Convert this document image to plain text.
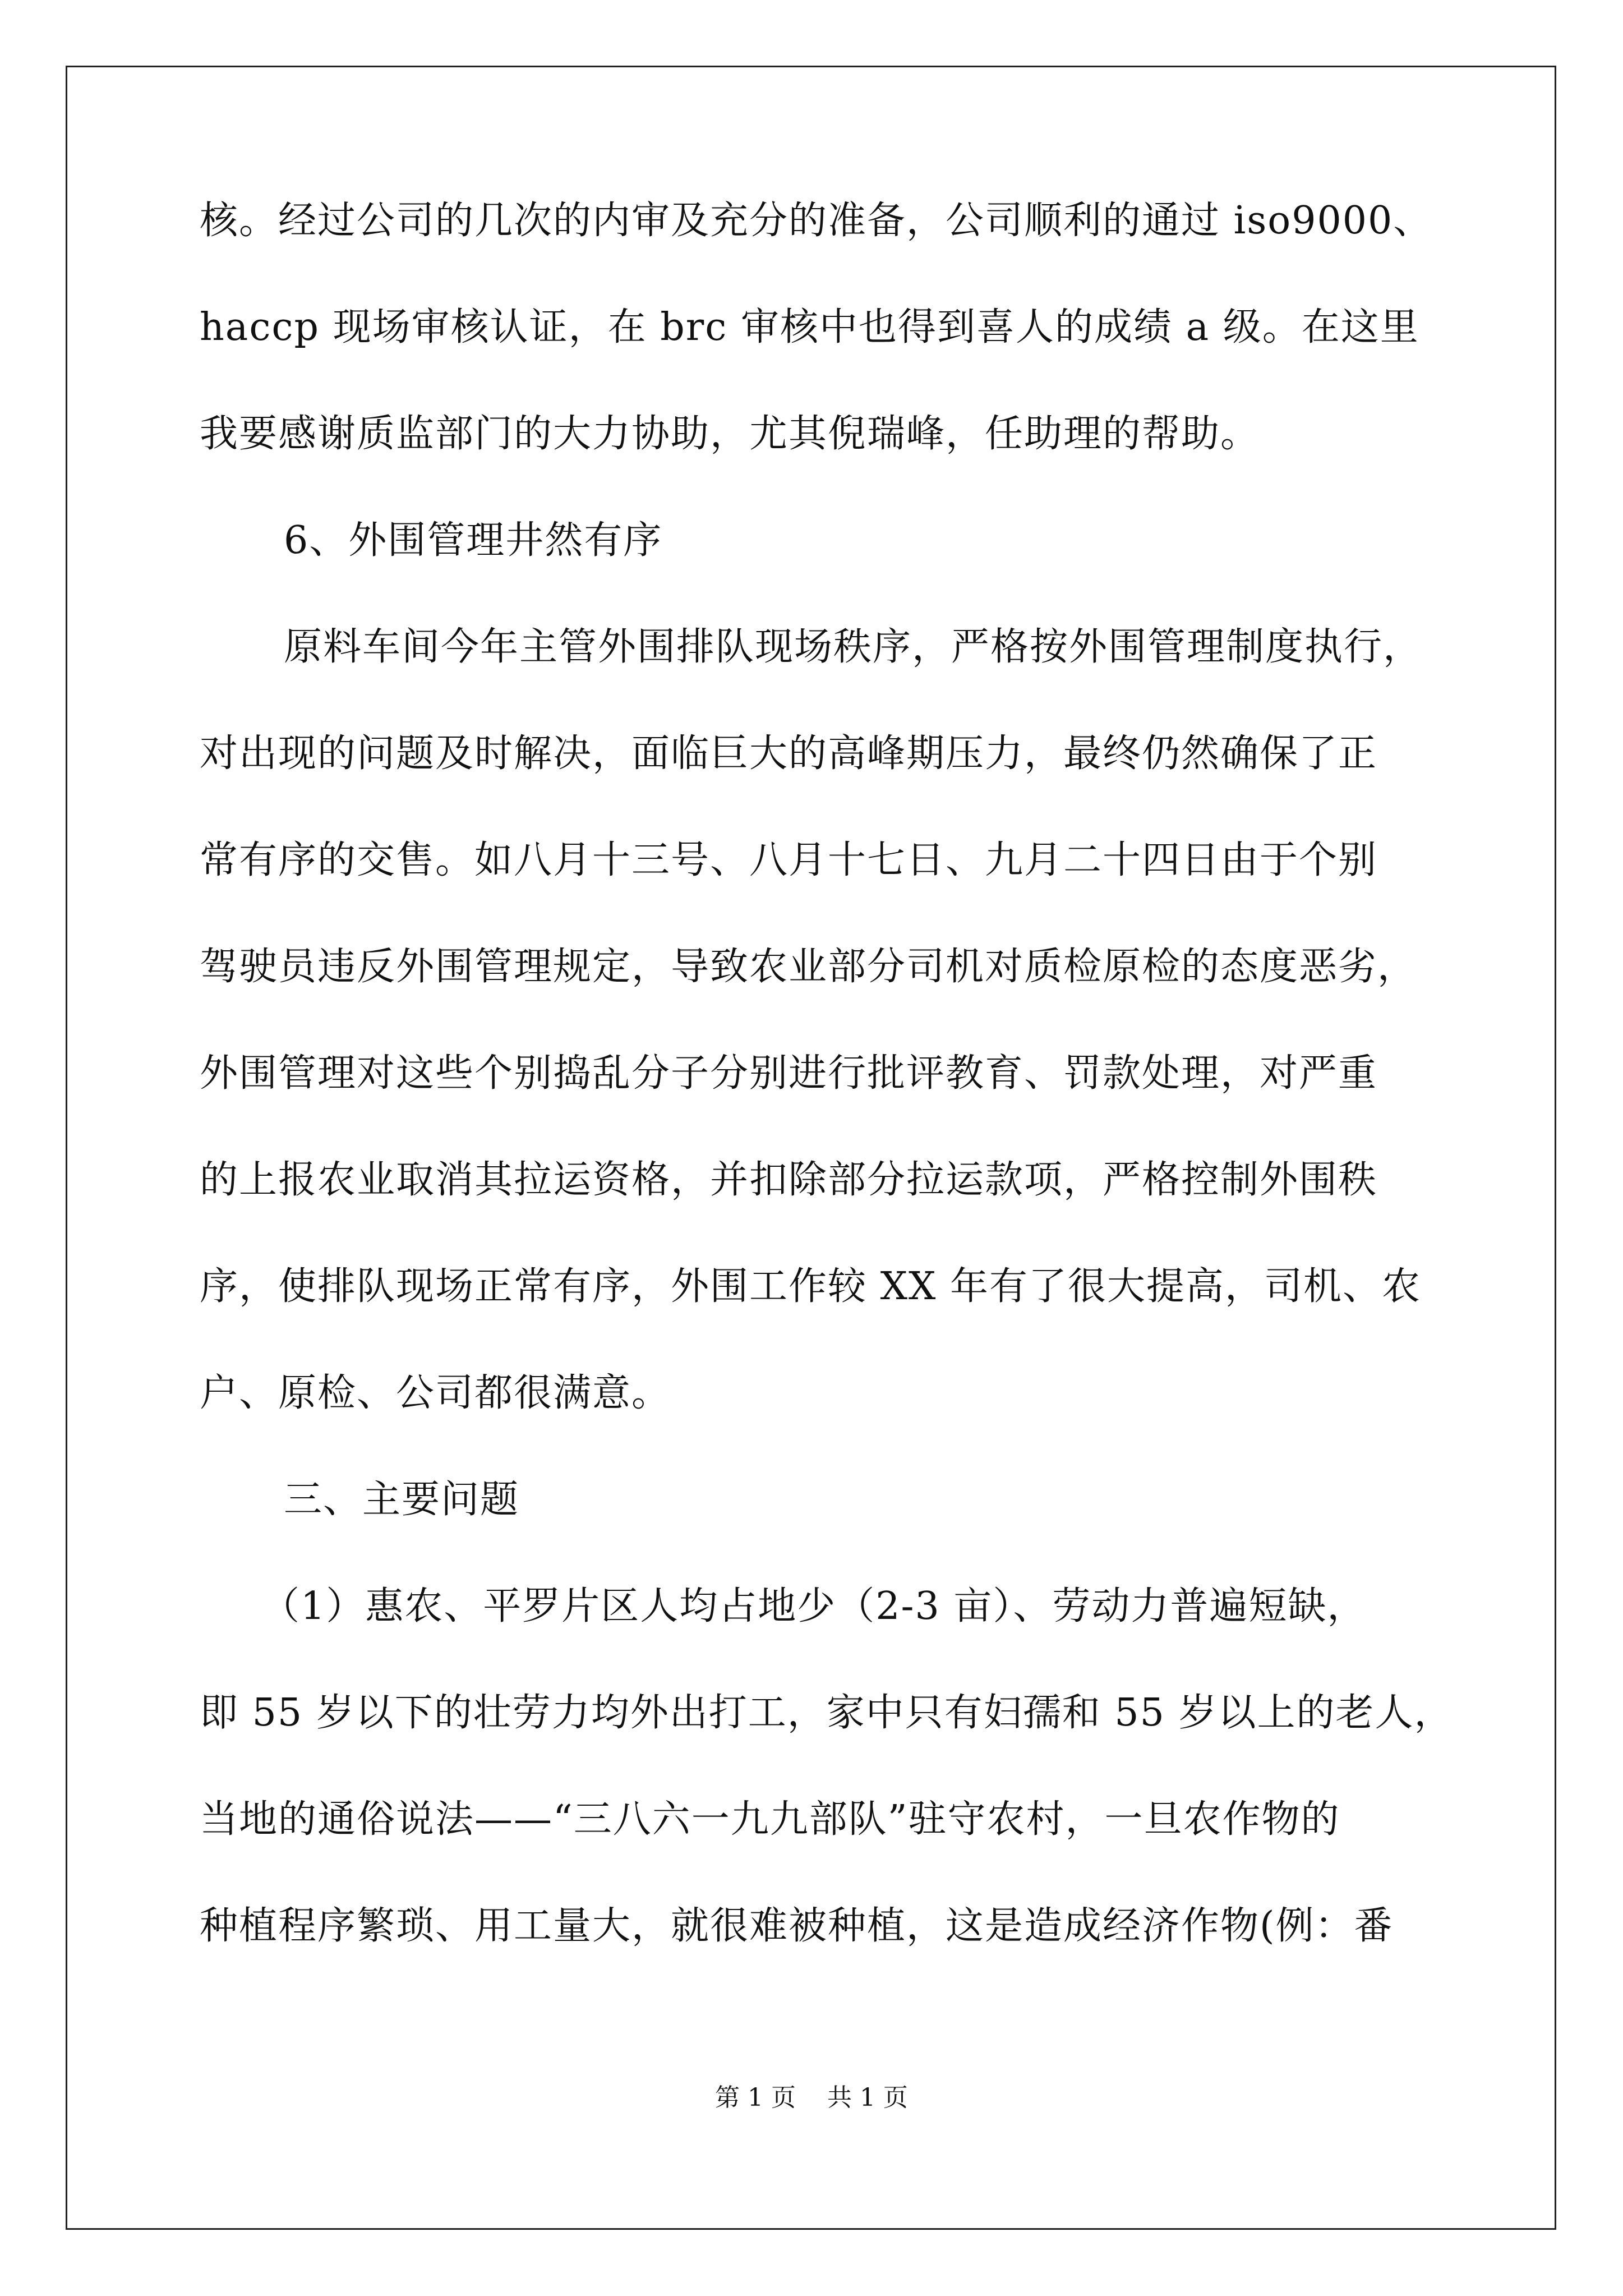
核。经过公司的几次的内审及充分的准备，公司顺利的通过 iso9000、
haccp 现场审核认证，在 brc 审核中也得到喜人的成绩 a 级。在这里
我要感谢质监部门的大力协助，尤其倪瑞峰，任助理的帮助。
6、外围管理井然有序
原料车间今年主管外围排队现场秩序，严格按外围管理制度执行，
对出现的问题及时解决，面临巨大的高峰期压力，最终仍然确保了正
常有序的交售。如八月十三号、八月十七日、九月二十四日由于个别
驾驶员违反外围管理规定，导致农业部分司机对质检原检的态度恶劣，
外围管理对这些个别捣乱分子分别进行批评教育、罚款处理，对严重
的上报农业取消其拉运资格，并扣除部分拉运款项，严格控制外围秩
序，使排队现场正常有序，外围工作较 XX 年有了很大提高，司机、农
户、原检、公司都很满意。
三、主要问题
（1）惠农、平罗片区人均占地少（2-3 亩）、劳动力普遍短缺，
即 55 岁以下的壮劳力均外出打工，家中只有妇孺和 55 岁以上的老人，
当地的通俗说法——“三八六一九九部队”驻守农村，一旦农作物的
种植程序繁琐、用工量大，就很难被种植，这是造成经济作物(例：番
第 1 页    共 1 页
